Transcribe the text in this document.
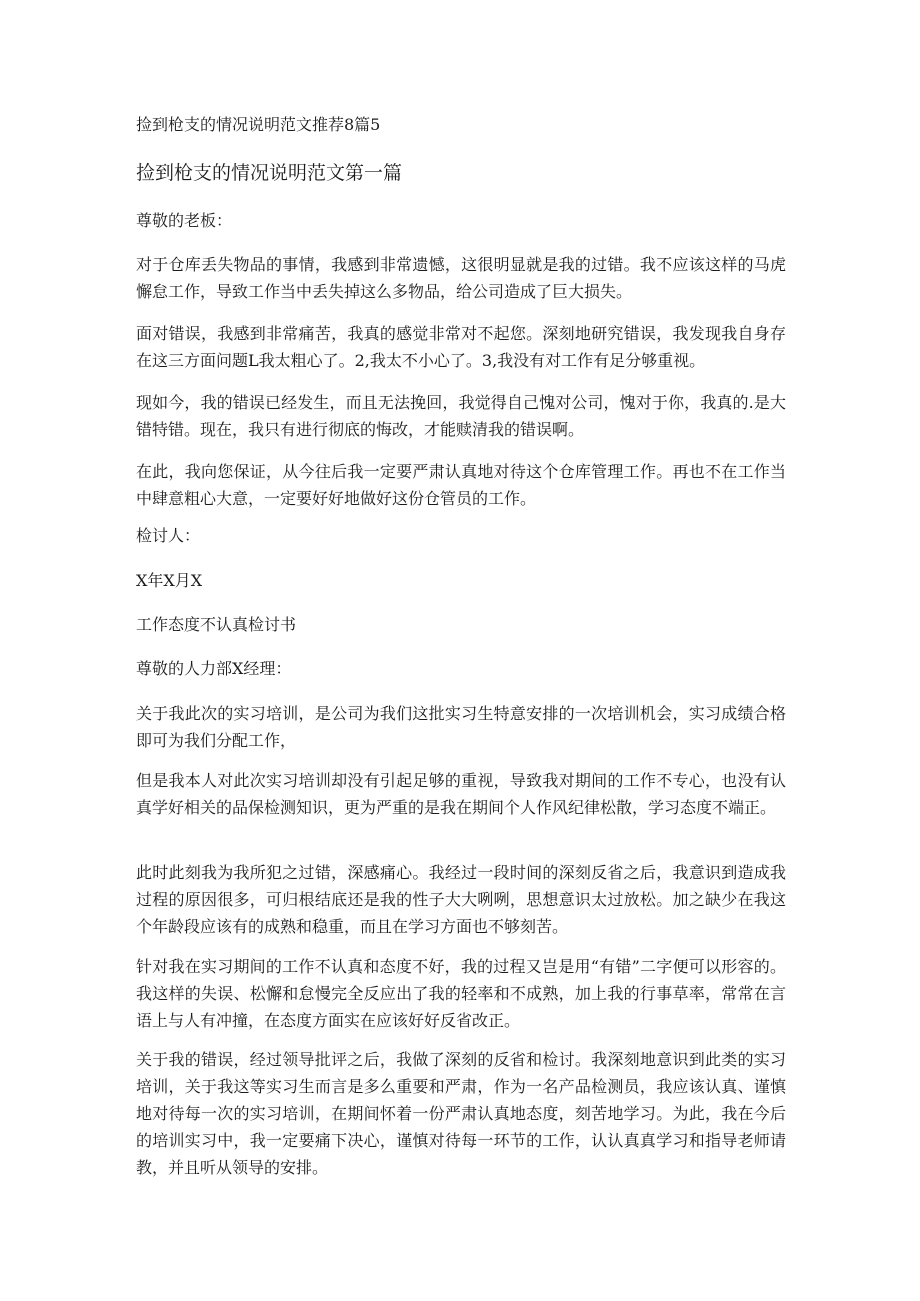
捡到枪支的情况说明范文推荐8篇5
捡到枪支的情况说明范文第一篇

尊敬的老板：

对于仓库丢失物品的事情，我感到非常遗憾，这很明显就是我的过错。我不应该这样的马虎懈怠工作，导致工作当中丢失掉这么多物品，给公司造成了巨大损失。

面对错误，我感到非常痛苦，我真的感觉非常对不起您。深刻地研究错误，我发现我自身存在这三方面问题L我太粗心了。2,我太不小心了。3,我没有对工作有足分够重视。

现如今，我的错误已经发生，而且无法挽回，我觉得自己愧对公司，愧对于你，我真的.是大错特错。现在，我只有进行彻底的悔改，才能赎清我的错误啊。

在此，我向您保证，从今往后我一定要严肃认真地对待这个仓库管理工作。再也不在工作当中肆意粗心大意，一定要好好地做好这份仓管员的工作。

检讨人：

X年X月X

工作态度不认真检讨书

尊敬的人力部X经理：

关于我此次的实习培训，是公司为我们这批实习生特意安排的一次培训机会，实习成绩合格即可为我们分配工作，

但是我本人对此次实习培训却没有引起足够的重视，导致我对期间的工作不专心，也没有认真学好相关的品保检测知识，更为严重的是我在期间个人作风纪律松散，学习态度不端正。

此时此刻我为我所犯之过错，深感痛心。我经过一段时间的深刻反省之后，我意识到造成我过程的原因很多，可归根结底还是我的性子大大咧咧，思想意识太过放松。加之缺少在我这个年龄段应该有的成熟和稳重，而且在学习方面也不够刻苦。

针对我在实习期间的工作不认真和态度不好，我的过程又岂是用“有错”二字便可以形容的。我这样的失误、松懈和怠慢完全反应出了我的轻率和不成熟，加上我的行事草率，常常在言语上与人有冲撞，在态度方面实在应该好好反省改正。

关于我的错误，经过领导批评之后，我做了深刻的反省和检讨。我深刻地意识到此类的实习培训，关于我这等实习生而言是多么重要和严肃，作为一名产品检测员，我应该认真、谨慎地对待每一次的实习培训，在期间怀着一份严肃认真地态度，刻苦地学习。为此，我在今后的培训实习中，我一定要痛下决心，谨慎对待每一环节的工作，认认真真学习和指导老师请教，并且听从领导的安排。
